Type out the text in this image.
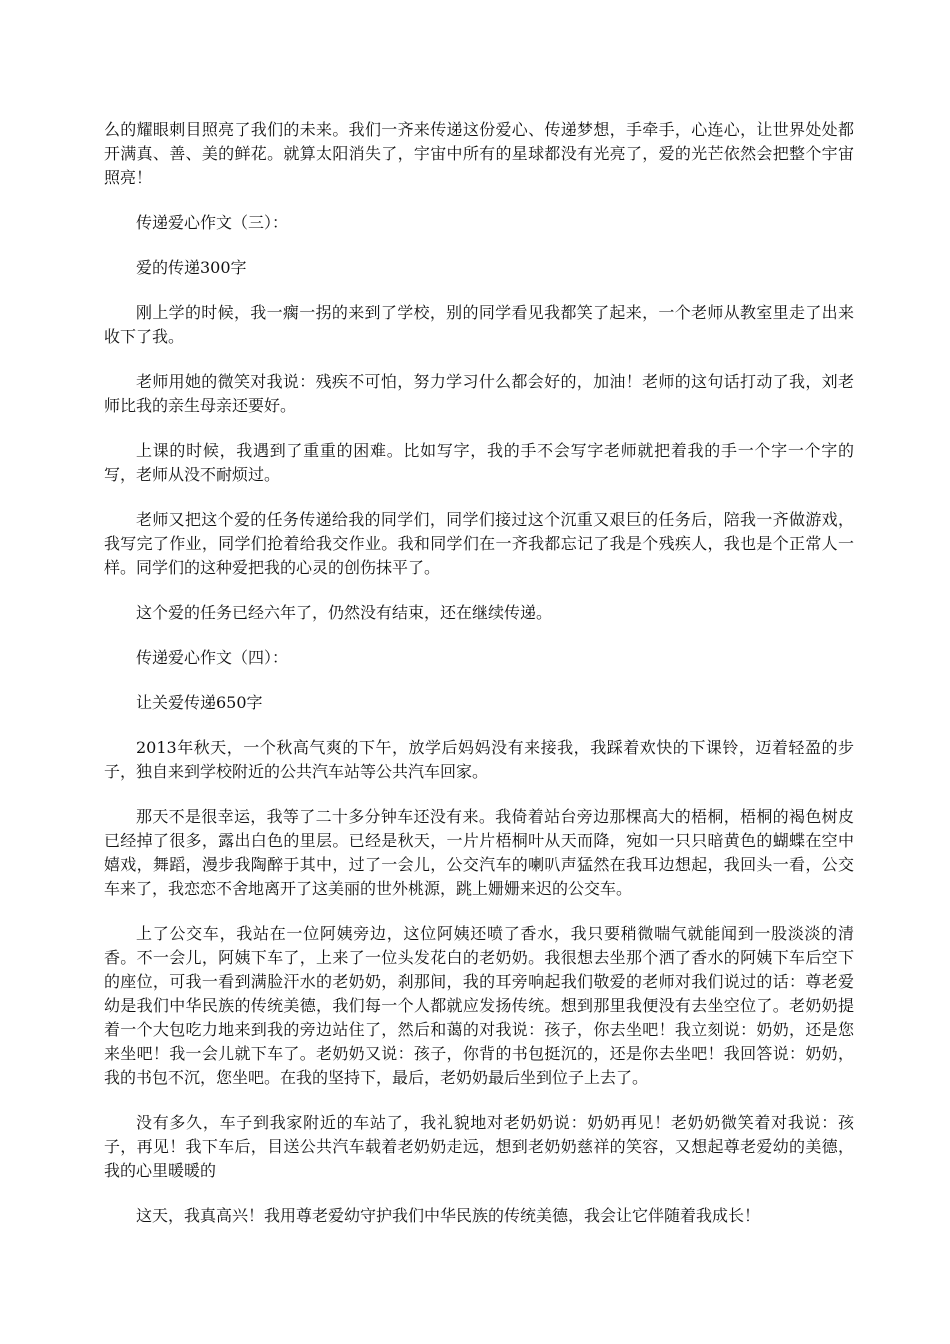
么的耀眼刺目照亮了我们的未来。我们一齐来传递这份爱心、传递梦想，手牵手，心连心，让世界处处都开满真、善、美的鲜花。就算太阳消失了，宇宙中所有的星球都没有光亮了，爱的光芒依然会把整个宇宙照亮！

传递爱心作文（三）：

爱的传递300字

刚上学的时候，我一瘸一拐的来到了学校，别的同学看见我都笑了起来，一个老师从教室里走了出来收下了我。

老师用她的微笑对我说：残疾不可怕，努力学习什么都会好的，加油！老师的这句话打动了我，刘老师比我的亲生母亲还要好。

上课的时候，我遇到了重重的困难。比如写字，我的手不会写字老师就把着我的手一个字一个字的写，老师从没不耐烦过。

老师又把这个爱的任务传递给我的同学们，同学们接过这个沉重又艰巨的任务后，陪我一齐做游戏，我写完了作业，同学们抢着给我交作业。我和同学们在一齐我都忘记了我是个残疾人，我也是个正常人一样。同学们的这种爱把我的心灵的创伤抹平了。

这个爱的任务已经六年了，仍然没有结束，还在继续传递。

传递爱心作文（四）：

让关爱传递650字

2013年秋天，一个秋高气爽的下午，放学后妈妈没有来接我，我踩着欢快的下课铃，迈着轻盈的步子，独自来到学校附近的公共汽车站等公共汽车回家。

那天不是很幸运，我等了二十多分钟车还没有来。我倚着站台旁边那棵高大的梧桐，梧桐的褐色树皮已经掉了很多，露出白色的里层。已经是秋天，一片片梧桐叶从天而降，宛如一只只暗黄色的蝴蝶在空中嬉戏，舞蹈，漫步我陶醉于其中，过了一会儿，公交汽车的喇叭声猛然在我耳边想起，我回头一看，公交车来了，我恋恋不舍地离开了这美丽的世外桃源，跳上姗姗来迟的公交车。

上了公交车，我站在一位阿姨旁边，这位阿姨还喷了香水，我只要稍微喘气就能闻到一股淡淡的清香。不一会儿，阿姨下车了，上来了一位头发花白的老奶奶。我很想去坐那个洒了香水的阿姨下车后空下的座位，可我一看到满脸汗水的老奶奶，刹那间，我的耳旁响起我们敬爱的老师对我们说过的话：尊老爱幼是我们中华民族的传统美德，我们每一个人都就应发扬传统。想到那里我便没有去坐空位了。老奶奶提着一个大包吃力地来到我的旁边站住了，然后和蔼的对我说：孩子，你去坐吧！我立刻说：奶奶，还是您来坐吧！我一会儿就下车了。老奶奶又说：孩子，你背的书包挺沉的，还是你去坐吧！我回答说：奶奶，我的书包不沉，您坐吧。在我的坚持下，最后，老奶奶最后坐到位子上去了。

没有多久，车子到我家附近的车站了，我礼貌地对老奶奶说：奶奶再见！老奶奶微笑着对我说：孩子，再见！我下车后，目送公共汽车载着老奶奶走远，想到老奶奶慈祥的笑容，又想起尊老爱幼的美德，我的心里暖暖的

这天，我真高兴！我用尊老爱幼守护我们中华民族的传统美德，我会让它伴随着我成长！
